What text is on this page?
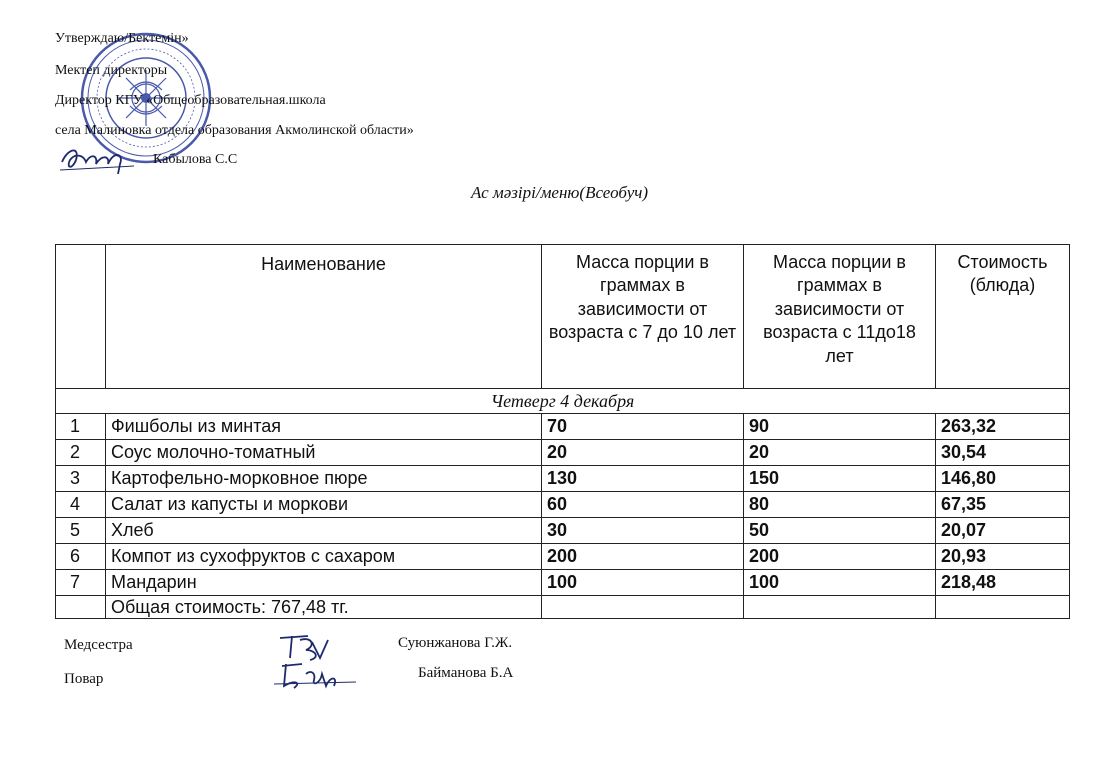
Утверждаю/Бектемін»
Мектеп директоры
Директор КГУ «Общеобразовательная.школа
села Малиновка отдела образования Акмолинской области»
Кабылова С.С
Ас мәзірі/меню(Всеобуч)
	Наименование	Масса порции в граммах в зависимости от возраста с 7 до 10 лет	Масса порции в граммах в зависимости от возраста с 11до18 лет	Стоимость (блюда)
Четверг 4 декабря				
1	Фишболы из минтая	70	90	263,32
2	Соус молочно-томатный	20	20	30,54
3	Картофельно-морковное пюре	130	150	146,80
4	Салат из капусты и моркови	60	80	67,35
5	Хлеб	30	50	20,07
6	Компот из сухофруктов с сахаром	200	200	20,93
7	Мандарин	100	100	218,48
	Общая стоимость: 767,48 тг.			
Медсестра	Суюнжанова Г.Ж.
Повар	Байманова Б.А
